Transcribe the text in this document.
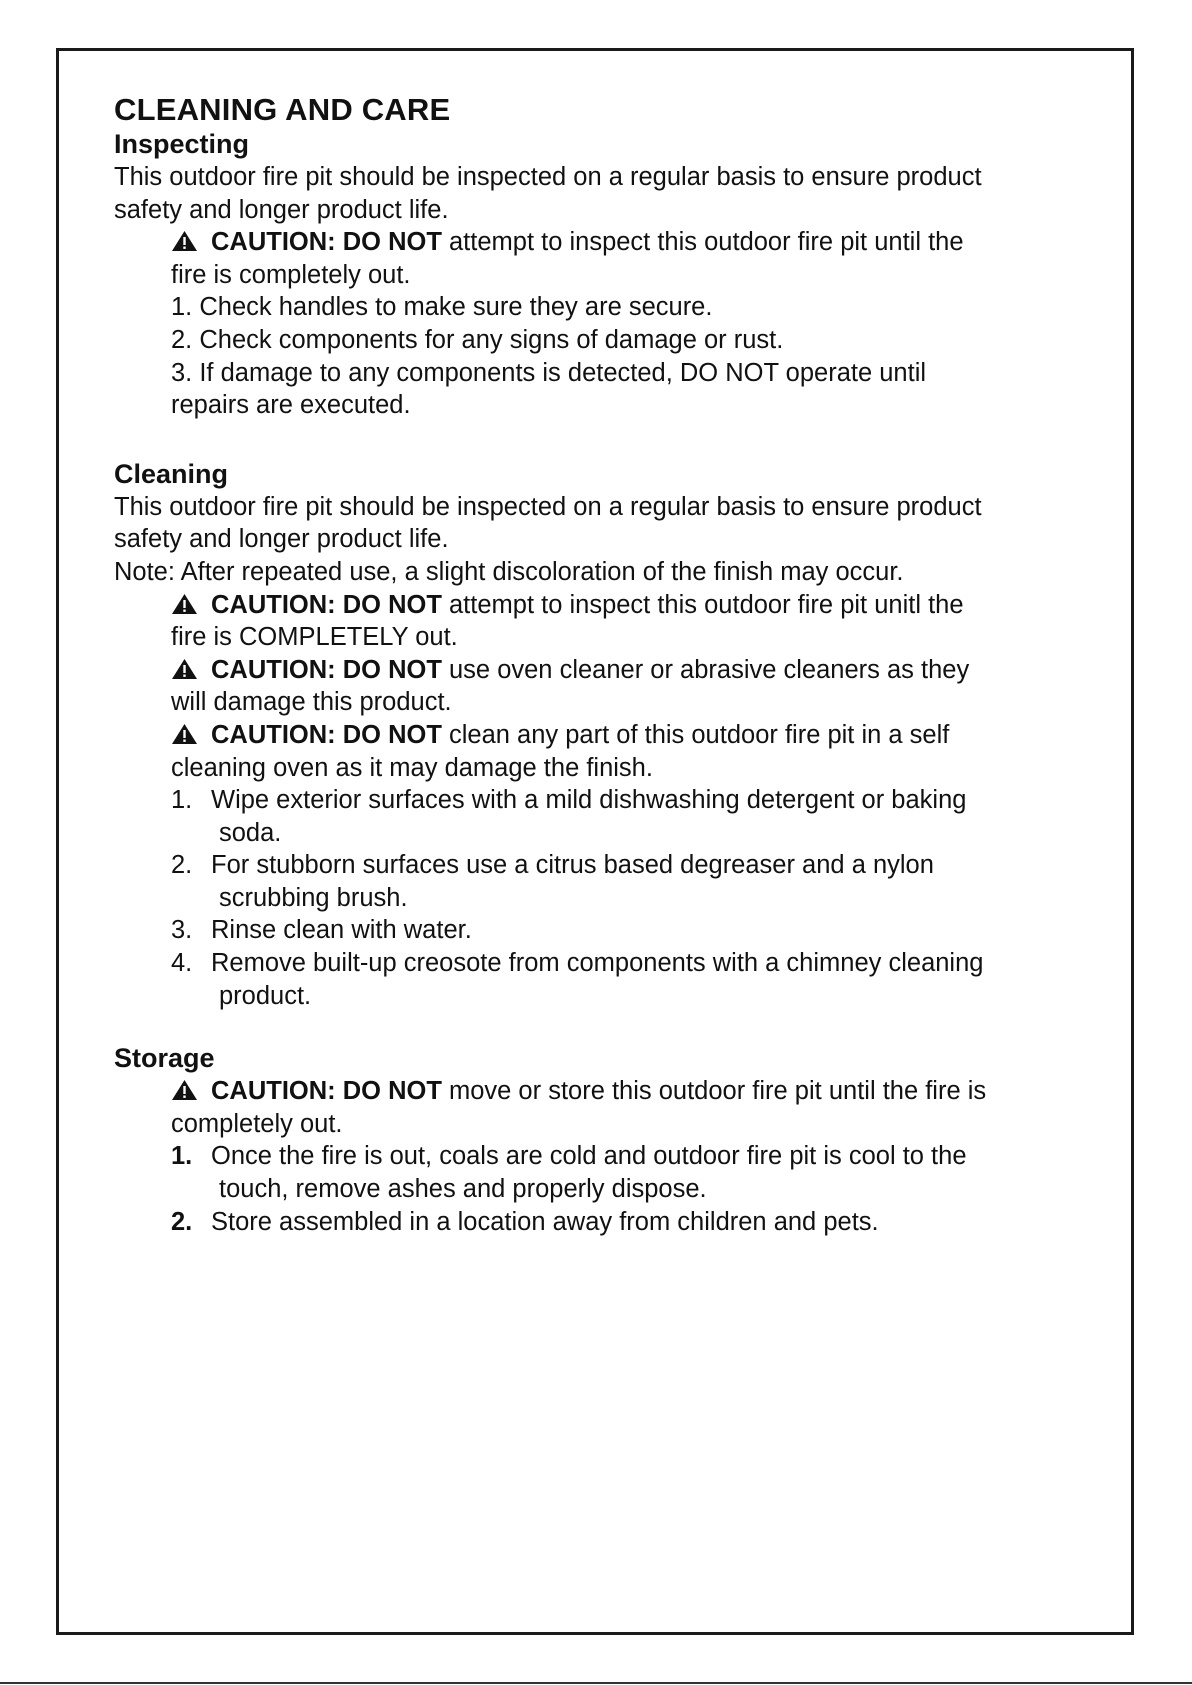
CLEANING AND CARE
Inspecting

This outdoor fire pit should be inspected on a regular basis to ensure product

safety and longer product life.

CAUTION: DO NOT attempt to inspect this outdoor fire pit until the
fire is completely out.

1. Check handles to make sure they are secure.

2. Check components for any signs of damage or rust.

3. If damage to any components is detected, DO NOT operate until

repairs are executed.

Cleaning

This outdoor fire pit should be inspected on a regular basis to ensure product

safety and longer product life.

Note: After repeated use, a slight discoloration of the finish may occur.

CAUTION: DO NOT attempt to inspect this outdoor fire pit unitl the
fire is COMPLETELY out.

CAUTION: DO NOT use oven cleaner or abrasive cleaners as they
will damage this product.

CAUTION: DO NOT clean any part of this outdoor fire pit in a self
cleaning oven as it may damage the finish.

1. Wipe exterior surfaces with a mild dishwashing detergent or baking
soda.
2. For stubborn surfaces use a citrus based degreaser and a nylon
scrubbing brush.
3. Rinse clean with water.
4. Remove built-up creosote from components with a chimney cleaning
product.
Storage

CAUTION: DO NOT move or store this outdoor fire pit until the fire is
completely out.

1. Once the fire is out, coals are cold and outdoor fire pit is cool to the
touch, remove ashes and properly dispose.
2. Store assembled in a location away from children and pets.
